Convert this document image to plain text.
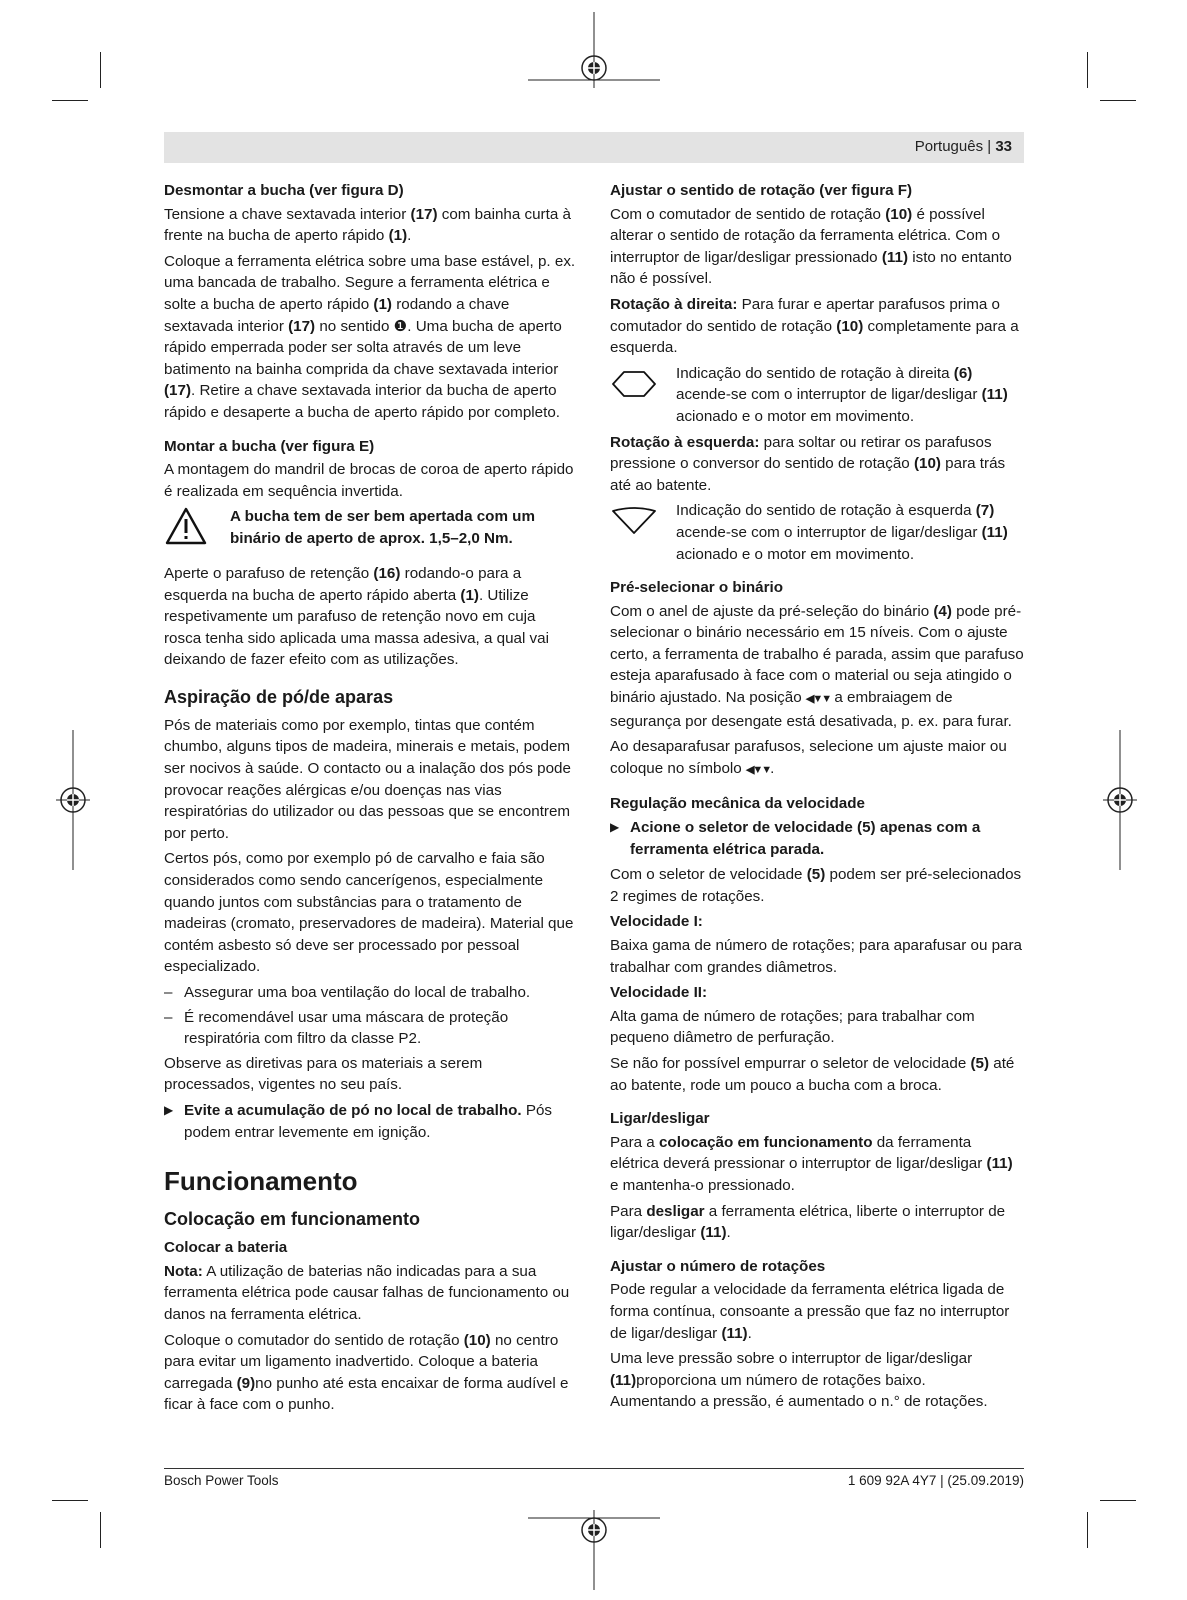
Português | 33
Desmontar a bucha (ver figura D)

Tensione a chave sextavada interior (17) com bainha curta à frente na bucha de aperto rápido (1).

Coloque a ferramenta elétrica sobre uma base estável, p. ex. uma bancada de trabalho. Segure a ferramenta elétrica e solte a bucha de aperto rápido (1) rodando a chave sextavada interior (17) no sentido ❶. Uma bucha de aperto rápido emperrada poder ser solta através de um leve batimento na bainha comprida da chave sextavada interior (17). Retire a chave sextavada interior da bucha de aperto rápido e desaperte a bucha de aperto rápido por completo.

Montar a bucha (ver figura E)

A montagem do mandril de brocas de coroa de aperto rápido é realizada em sequência invertida.

A bucha tem de ser bem apertada com um binário de aperto de aprox. 1,5–2,0 Nm.

Aperte o parafuso de retenção (16) rodando-o para a esquerda na bucha de aperto rápido aberta (1). Utilize respetivamente um parafuso de retenção novo em cuja rosca tenha sido aplicada uma massa adesiva, a qual vai deixando de fazer efeito com as utilizações.

Aspiração de pó/de aparas

Pós de materiais como por exemplo, tintas que contém chumbo, alguns tipos de madeira, minerais e metais, podem ser nocivos à saúde. O contacto ou a inalação dos pós pode provocar reações alérgicas e/ou doenças nas vias respiratórias do utilizador ou das pessoas que se encontrem por perto.

Certos pós, como por exemplo pó de carvalho e faia são considerados como sendo cancerígenos, especialmente quando juntos com substâncias para o tratamento de madeiras (cromato, preservadores de madeira). Material que contém asbesto só deve ser processado por pessoal especializado.

– Assegurar uma boa ventilação do local de trabalho.
– É recomendável usar uma máscara de proteção respiratória com filtro da classe P2.

Observe as diretivas para os materiais a serem processados, vigentes no seu país.

▶ Evite a acumulação de pó no local de trabalho. Pós podem entrar levemente em ignição.
Funcionamento
Colocação em funcionamento
Colocar a bateria

Nota: A utilização de baterias não indicadas para a sua ferramenta elétrica pode causar falhas de funcionamento ou danos na ferramenta elétrica.

Coloque o comutador do sentido de rotação (10) no centro para evitar um ligamento inadvertido. Coloque a bateria carregada (9)no punho até esta encaixar de forma audível e ficar à face com o punho.

Ajustar o sentido de rotação (ver figura F)

Com o comutador de sentido de rotação (10) é possível alterar o sentido de rotação da ferramenta elétrica. Com o interruptor de ligar/desligar pressionado (11) isto no entanto não é possível.

Rotação à direita: Para furar e apertar parafusos prima o comutador do sentido de rotação (10) completamente para a esquerda.

Indicação do sentido de rotação à direita (6) acende-se com o interruptor de ligar/desligar (11) acionado e o motor em movimento.

Rotação à esquerda: para soltar ou retirar os parafusos pressione o conversor do sentido de rotação (10) para trás até ao batente.

Indicação do sentido de rotação à esquerda (7) acende-se com o interruptor de ligar/desligar (11) acionado e o motor em movimento.
Pré-selecionar o binário

Com o anel de ajuste da pré-seleção do binário (4) pode pré-selecionar o binário necessário em 15 níveis. Com o ajuste certo, a ferramenta de trabalho é parada, assim que parafuso esteja aparafusado à face com o material ou seja atingido o binário ajustado. Na posição ◀▼▼ a embraiagem de segurança por desengate está desativada, p. ex. para furar.

Ao desaparafusar parafusos, selecione um ajuste maior ou coloque no símbolo ◀▼▼.

Regulação mecânica da velocidade
▶ Acione o seletor de velocidade (5) apenas com a ferramenta elétrica parada.

Com o seletor de velocidade (5) podem ser pré-selecionados 2 regimes de rotações.

Velocidade I:

Baixa gama de número de rotações; para aparafusar ou para trabalhar com grandes diâmetros.

Velocidade II:

Alta gama de número de rotações; para trabalhar com pequeno diâmetro de perfuração.

Se não for possível empurrar o seletor de velocidade (5) até ao batente, rode um pouco a bucha com a broca.

Ligar/desligar

Para a colocação em funcionamento da ferramenta elétrica deverá pressionar o interruptor de ligar/desligar (11) e mantenha-o pressionado.

Para desligar a ferramenta elétrica, liberte o interruptor de ligar/desligar (11).

Ajustar o número de rotações

Pode regular a velocidade da ferramenta elétrica ligada de forma contínua, consoante a pressão que faz no interruptor de ligar/desligar (11).

Uma leve pressão sobre o interruptor de ligar/desligar (11)proporciona um número de rotações baixo.
Aumentando a pressão, é aumentado o n.° de rotações.

Bosch Power Tools	1 609 92A 4Y7 | (25.09.2019)
